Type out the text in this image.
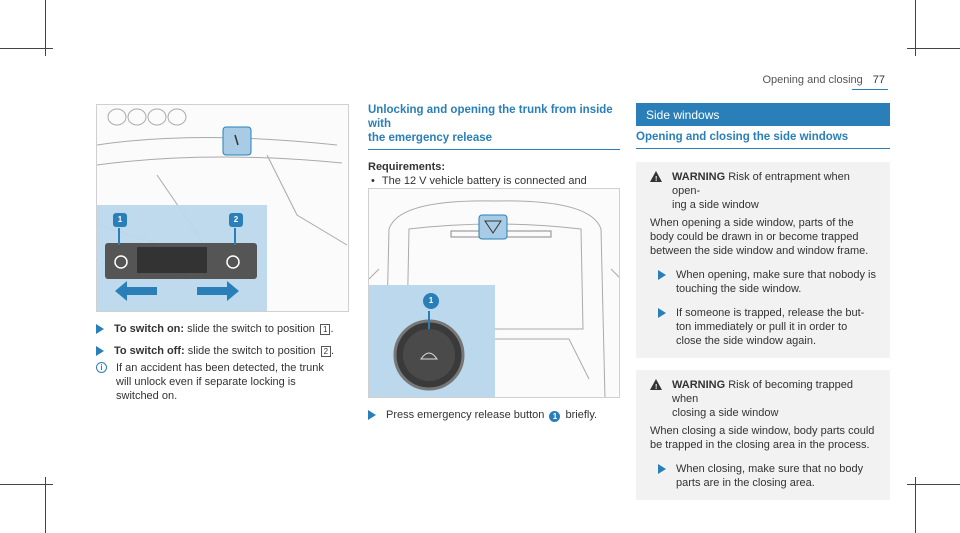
Opening and closing 77
1	2
To switch on: slide the switch to position 1 .
To switch off: slide the switch to position 2 .
i	If an accident has been detected, the trunk
will unlock even if separate locking is
switched on.
Unlocking and opening the trunk from inside with
the emergency release
Requirements:
• The 12 V vehicle battery is connected and
1
Press emergency release button 1 briefly.
Side windows
Opening and closing the side windows
! WARNING Risk of entrapment when open-
ing a side window

When opening a side window, parts of the
body could be drawn in or become trapped
between the side window and window frame.

When opening, make sure that nobody is
touching the side window.
If someone is trapped, release the but-
ton immediately or pull it in order to
close the side window again.
! WARNING Risk of becoming trapped when
closing a side window

When closing a side window, body parts could
be trapped in the closing area in the process.

When closing, make sure that no body
parts are in the closing area.
